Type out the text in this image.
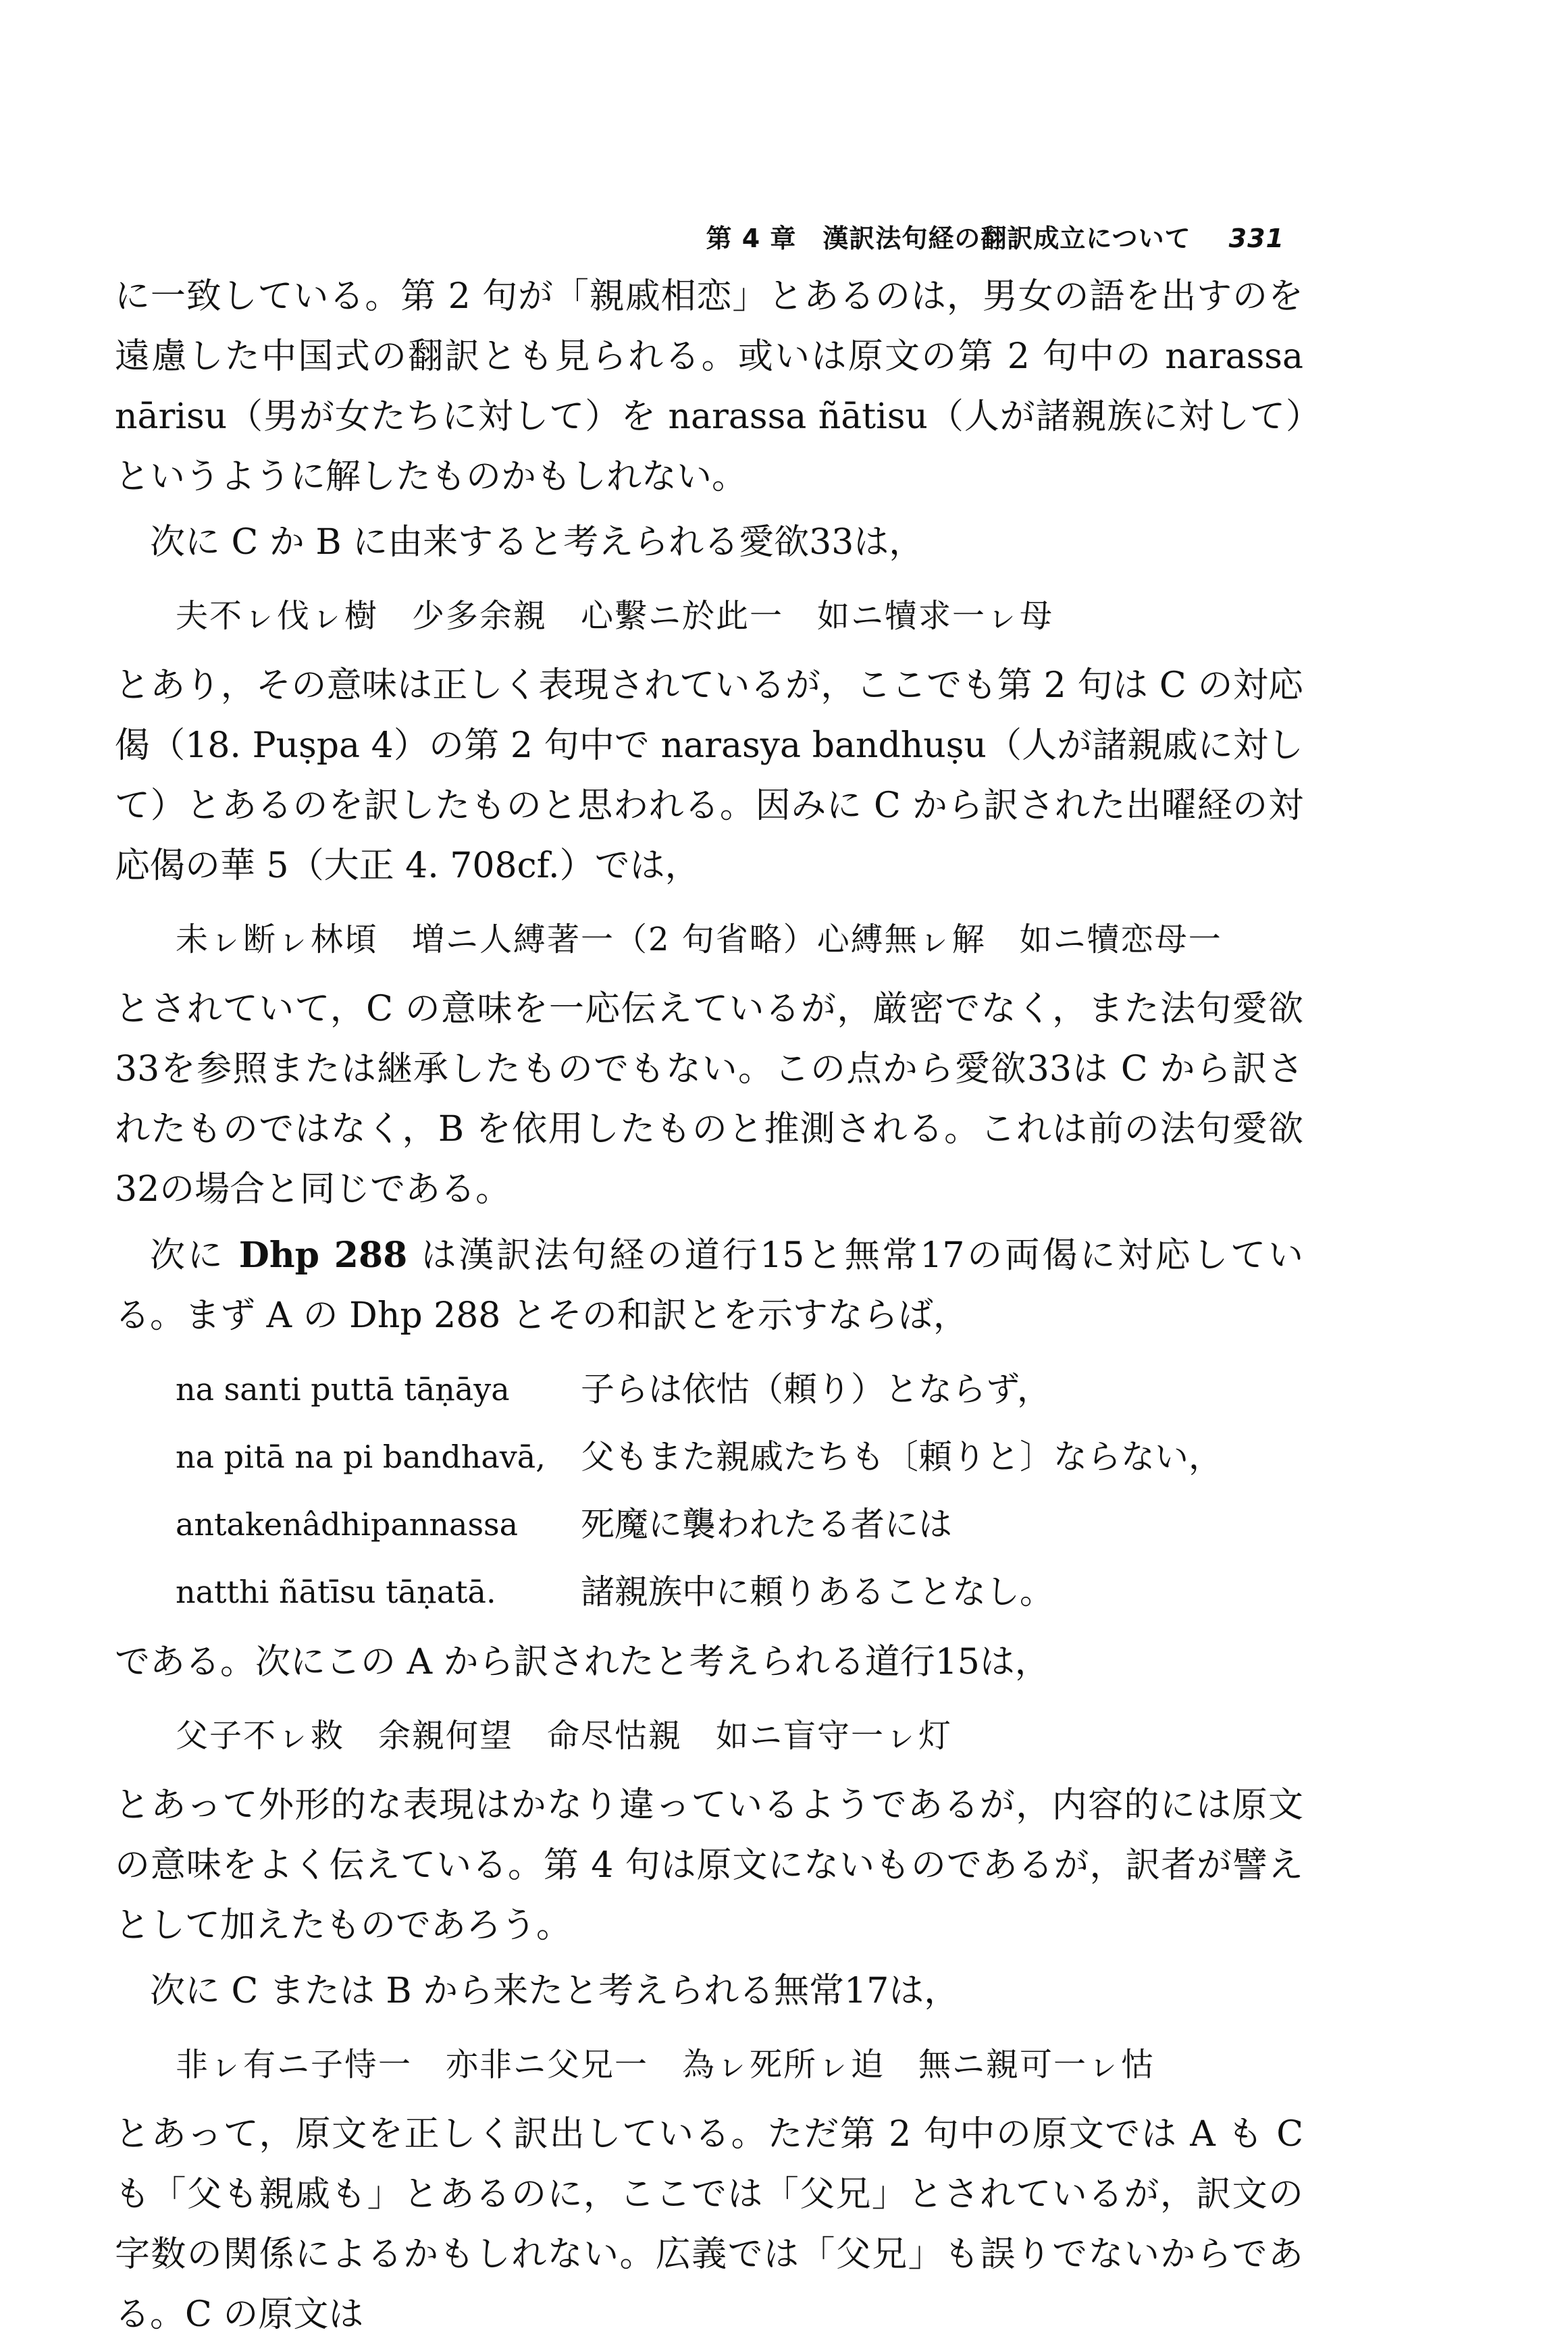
第 4 章　漢訳法句経の翻訳成立について 331

に一致している。第 2 句が「親戚相恋」とあるのは，男女の語を出すのを遠慮した中国式の翻訳とも見られる。或いは原文の第 2 句中の narassa nārisu（男が女たちに対して）を narassa ñātisu（人が諸親族に対して）というように解したものかもしれない。

次に C か B に由来すると考えられる愛欲33は，

夫不ㇾ伐ㇾ樹　少多余親　心繫ニ於此一　如ニ犢求一ㇾ母

とあり，その意味は正しく表現されているが，ここでも第 2 句は C の対応偈（18. Puṣpa 4）の第 2 句中で narasya bandhuṣu（人が諸親戚に対して）とあるのを訳したものと思われる。因みに C から訳された出曜経の対応偈の華 5（大正 4. 708cf.）では，

未ㇾ断ㇾ林頃　増ニ人縛著一（2 句省略）心縛無ㇾ解　如ニ犢恋母一

とされていて，C の意味を一応伝えているが，厳密でなく，また法句愛欲33を参照または継承したものでもない。この点から愛欲33は C から訳されたものではなく，B を依用したものと推測される。これは前の法句愛欲32の場合と同じである。

次に Dhp 288 は漢訳法句経の道行15と無常17の両偈に対応している。まず A の Dhp 288 とその和訳とを示すならば，

na santi puttā tāṇāya	子らは依怙（頼り）とならず，
na pitā na pi bandhavā,	父もまた親戚たちも〔頼りと〕ならない，
antakenâdhipannassa	死魔に襲われたる者には
natthi ñātīsu tāṇatā.	諸親族中に頼りあることなし。

である。次にこの A から訳されたと考えられる道行15は，

父子不ㇾ救　余親何望　命尽怙親　如ニ盲守一ㇾ灯

とあって外形的な表現はかなり違っているようであるが，内容的には原文の意味をよく伝えている。第 4 句は原文にないものであるが，訳者が譬えとして加えたものであろう。

次に C または B から来たと考えられる無常17は，

非ㇾ有ニ子恃一　亦非ニ父兄一　為ㇾ死所ㇾ迫　無ニ親可一ㇾ怙

とあって，原文を正しく訳出している。ただ第 2 句中の原文では A も C も「父も親戚も」とあるのに，ここでは「父兄」とされているが，訳文の字数の関係によるかもしれない。広義では「父兄」も誤りでないからである。C の原文は
